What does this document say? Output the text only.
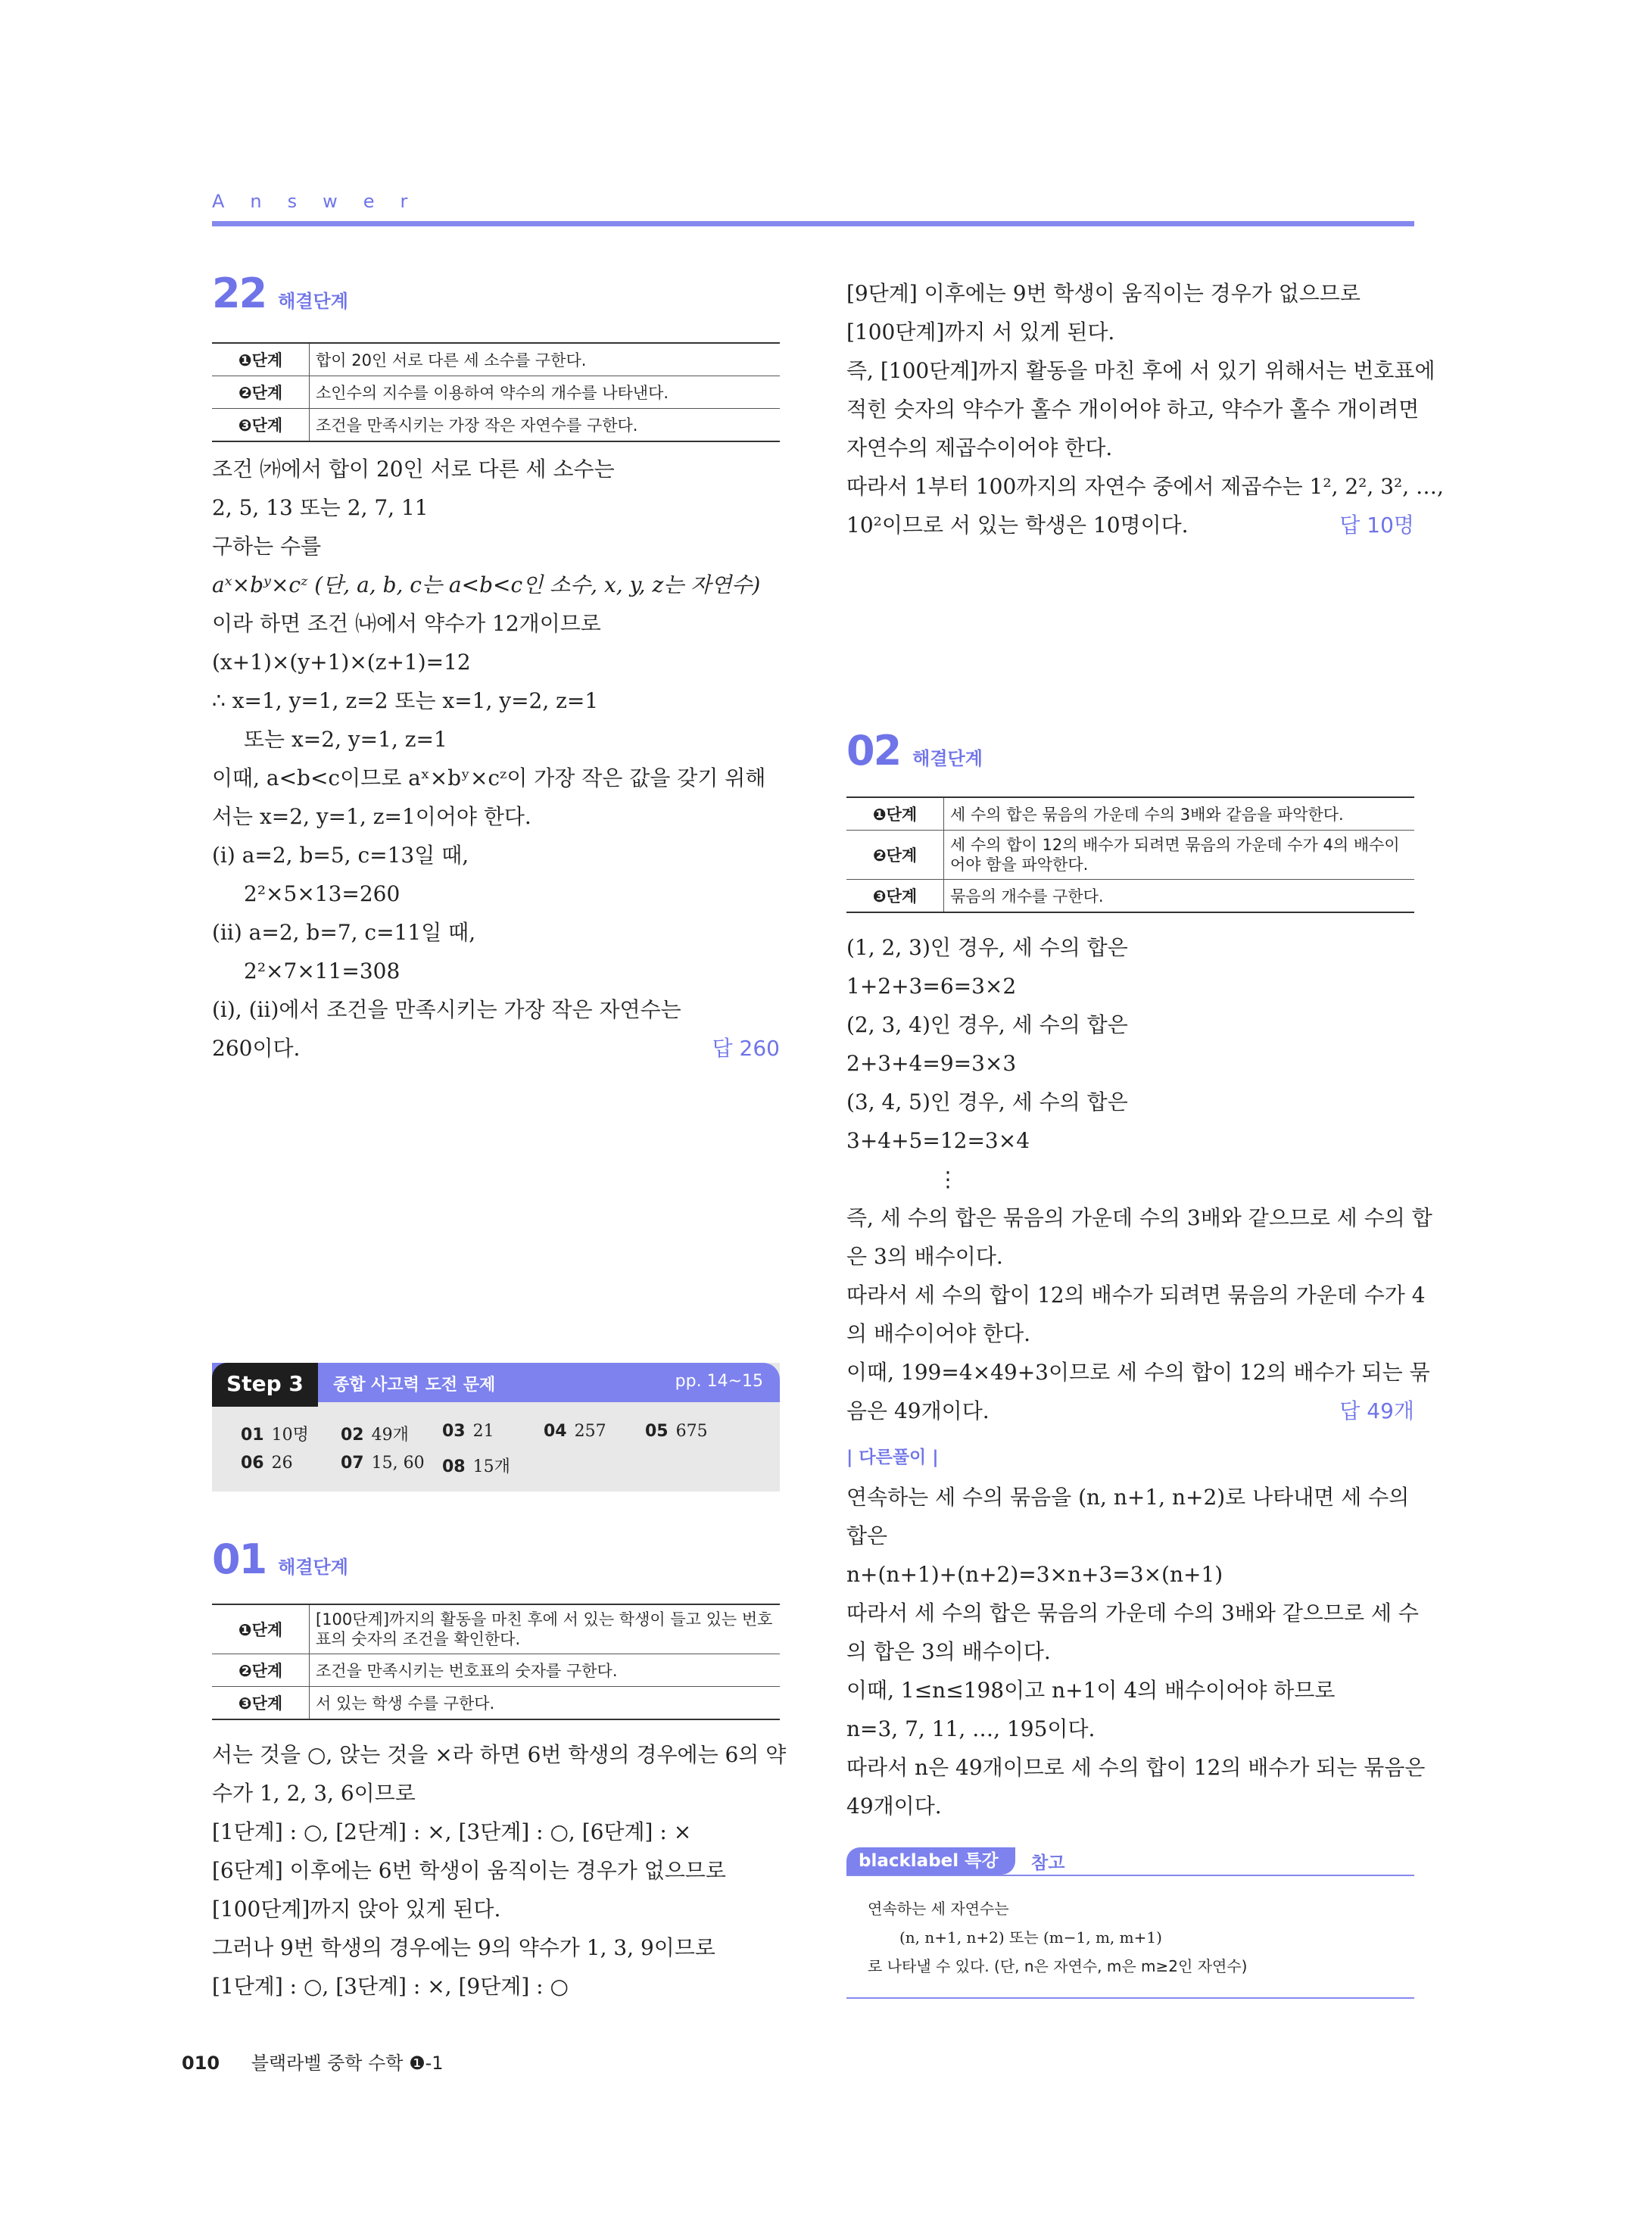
Answer
22 해결단계
❶단계	합이 20인 서로 다른 세 소수를 구한다.
❷단계	소인수의 지수를 이용하여 약수의 개수를 나타낸다.
❸단계	조건을 만족시키는 가장 작은 자연수를 구한다.

조건 ㈎에서 합이 20인 서로 다른 세 소수는

2, 5, 13 또는 2, 7, 11

구하는 수를

aˣ×bʸ×cᶻ (단, a, b, c는 a<b<c인 소수, x, y, z는 자연수)

이라 하면 조건 ㈏에서 약수가 12개이므로

(x+1)×(y+1)×(z+1)=12

∴ x=1, y=1, z=2 또는 x=1, y=2, z=1

또는 x=2, y=1, z=1

이때, a<b<c이므로 aˣ×bʸ×cᶻ이 가장 작은 값을 갖기 위해

서는 x=2, y=1, z=1이어야 한다.

(ⅰ) a=2, b=5, c=13일 때,

2²×5×13=260

(ⅱ) a=2, b=7, c=11일 때,

2²×7×11=308

(ⅰ), (ⅱ)에서 조건을 만족시키는 가장 작은 자연수는

260이다.	답 260

Step 3	종합 사고력 도전 문제	pp. 14~15
01 10명 02 49개 03 21	04 257 05 675
06 26	07 15, 60 08 15개
01 해결단계
❶단계	[100단계]까지의 활동을 마친 후에 서 있는 학생이 들고 있는 번호표의 숫자의 조건을 확인한다.
❷단계	조건을 만족시키는 번호표의 숫자를 구한다.
❸단계	서 있는 학생 수를 구한다.

서는 것을 ○, 앉는 것을 ×라 하면 6번 학생의 경우에는 6의 약

수가 1, 2, 3, 6이므로

[1단계] : ○, [2단계] : ×, [3단계] : ○, [6단계] : ×

[6단계] 이후에는 6번 학생이 움직이는 경우가 없으므로

[100단계]까지 앉아 있게 된다.

그러나 9번 학생의 경우에는 9의 약수가 1, 3, 9이므로

[1단계] : ○, [3단계] : ×, [9단계] : ○

[9단계] 이후에는 9번 학생이 움직이는 경우가 없으므로

[100단계]까지 서 있게 된다.

즉, [100단계]까지 활동을 마친 후에 서 있기 위해서는 번호표에

적힌 숫자의 약수가 홀수 개이어야 하고, 약수가 홀수 개이려면

자연수의 제곱수이어야 한다.

따라서 1부터 100까지의 자연수 중에서 제곱수는 1², 2², 3², …,

10²이므로 서 있는 학생은 10명이다.	답 10명

02 해결단계
❶단계	세 수의 합은 묶음의 가운데 수의 3배와 같음을 파악한다.
❷단계	세 수의 합이 12의 배수가 되려면 묶음의 가운데 수가 4의 배수이어야 함을 파악한다.
❸단계	묶음의 개수를 구한다.

(1, 2, 3)인 경우, 세 수의 합은

1+2+3=6=3×2

(2, 3, 4)인 경우, 세 수의 합은

2+3+4=9=3×3

(3, 4, 5)인 경우, 세 수의 합은

3+4+5=12=3×4

⋮

즉, 세 수의 합은 묶음의 가운데 수의 3배와 같으므로 세 수의 합

은 3의 배수이다.

따라서 세 수의 합이 12의 배수가 되려면 묶음의 가운데 수가 4

의 배수이어야 한다.

이때, 199=4×49+3이므로 세 수의 합이 12의 배수가 되는 묶

음은 49개이다.	답 49개

| 다른풀이 |

연속하는 세 수의 묶음을 (n, n+1, n+2)로 나타내면 세 수의

합은

n+(n+1)+(n+2)=3×n+3=3×(n+1)

따라서 세 수의 합은 묶음의 가운데 수의 3배와 같으므로 세 수

의 합은 3의 배수이다.

이때, 1≤n≤198이고 n+1이 4의 배수이어야 하므로

n=3, 7, 11, …, 195이다.

따라서 n은 49개이므로 세 수의 합이 12의 배수가 되는 묶음은

49개이다.

blacklabel 특강	참고

연속하는 세 자연수는

(n, n+1, n+2) 또는 (m−1, m, m+1)

로 나타낼 수 있다. (단, n은 자연수, m은 m≥2인 자연수)

010 블랙라벨 중학 수학 ❶-1
